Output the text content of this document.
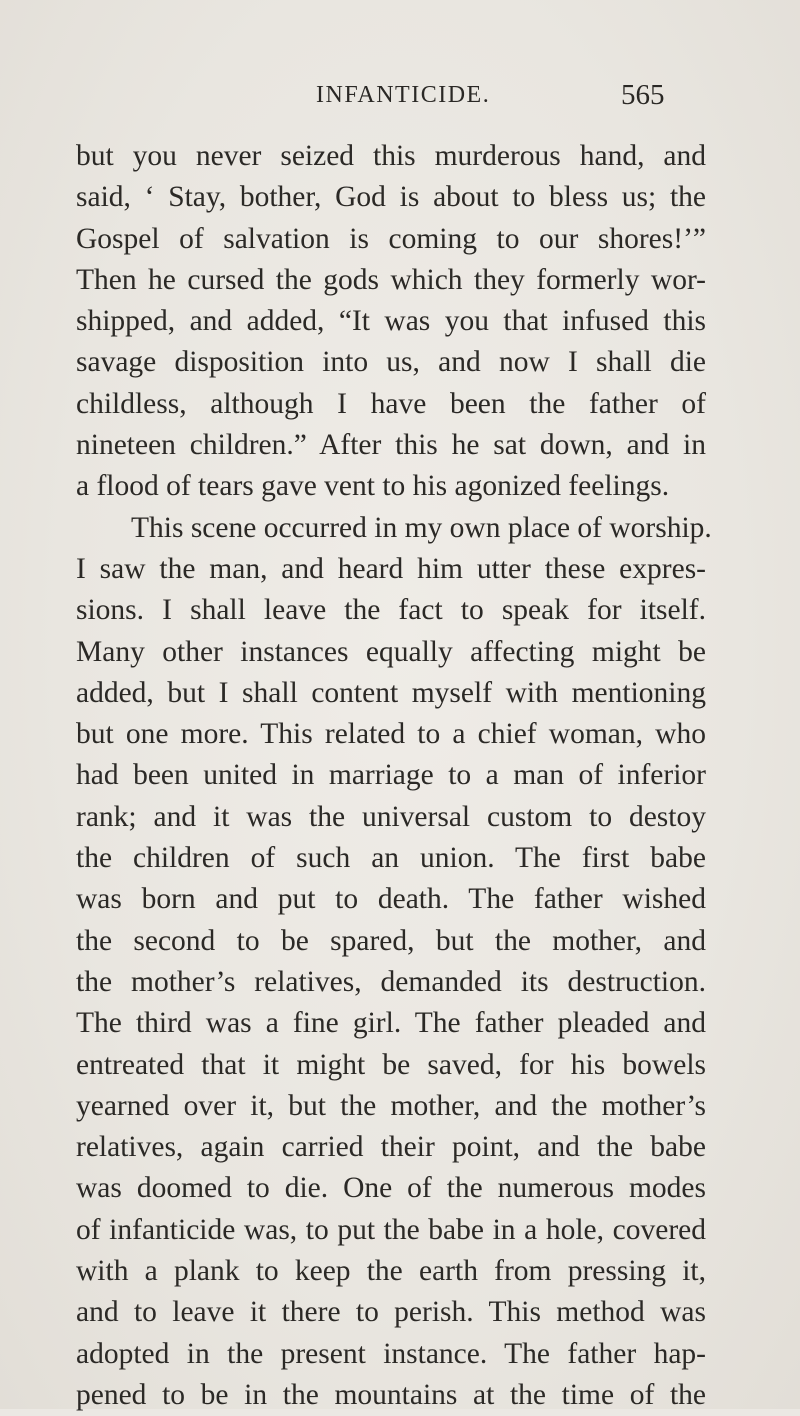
INFANTICIDE.	565
but you never seized this murderous hand, and
said, ‘ Stay, bother, God is about to bless us; the
Gospel of salvation is coming to our shores!’”
Then he cursed the gods which they formerly wor-
shipped, and added, “It was you that infused this
savage disposition into us, and now I shall die
childless, although I have been the father of
nineteen children.” After this he sat down, and in
a flood of tears gave vent to his agonized feelings.
This scene occurred in my own place of worship.
I saw the man, and heard him utter these expres-
sions. I shall leave the fact to speak for itself.
Many other instances equally affecting might be
added, but I shall content myself with mentioning
but one more. This related to a chief woman, who
had been united in marriage to a man of inferior
rank; and it was the universal custom to destoy
the children of such an union. The first babe
was born and put to death. The father wished
the second to be spared, but the mother, and
the mother’s relatives, demanded its destruction.
The third was a fine girl. The father pleaded and
entreated that it might be saved, for his bowels
yearned over it, but the mother, and the mother’s
relatives, again carried their point, and the babe
was doomed to die. One of the numerous modes
of infanticide was, to put the babe in a hole, covered
with a plank to keep the earth from pressing it,
and to leave it there to perish. This method was
adopted in the present instance. The father hap-
pened to be in the mountains at the time of the
